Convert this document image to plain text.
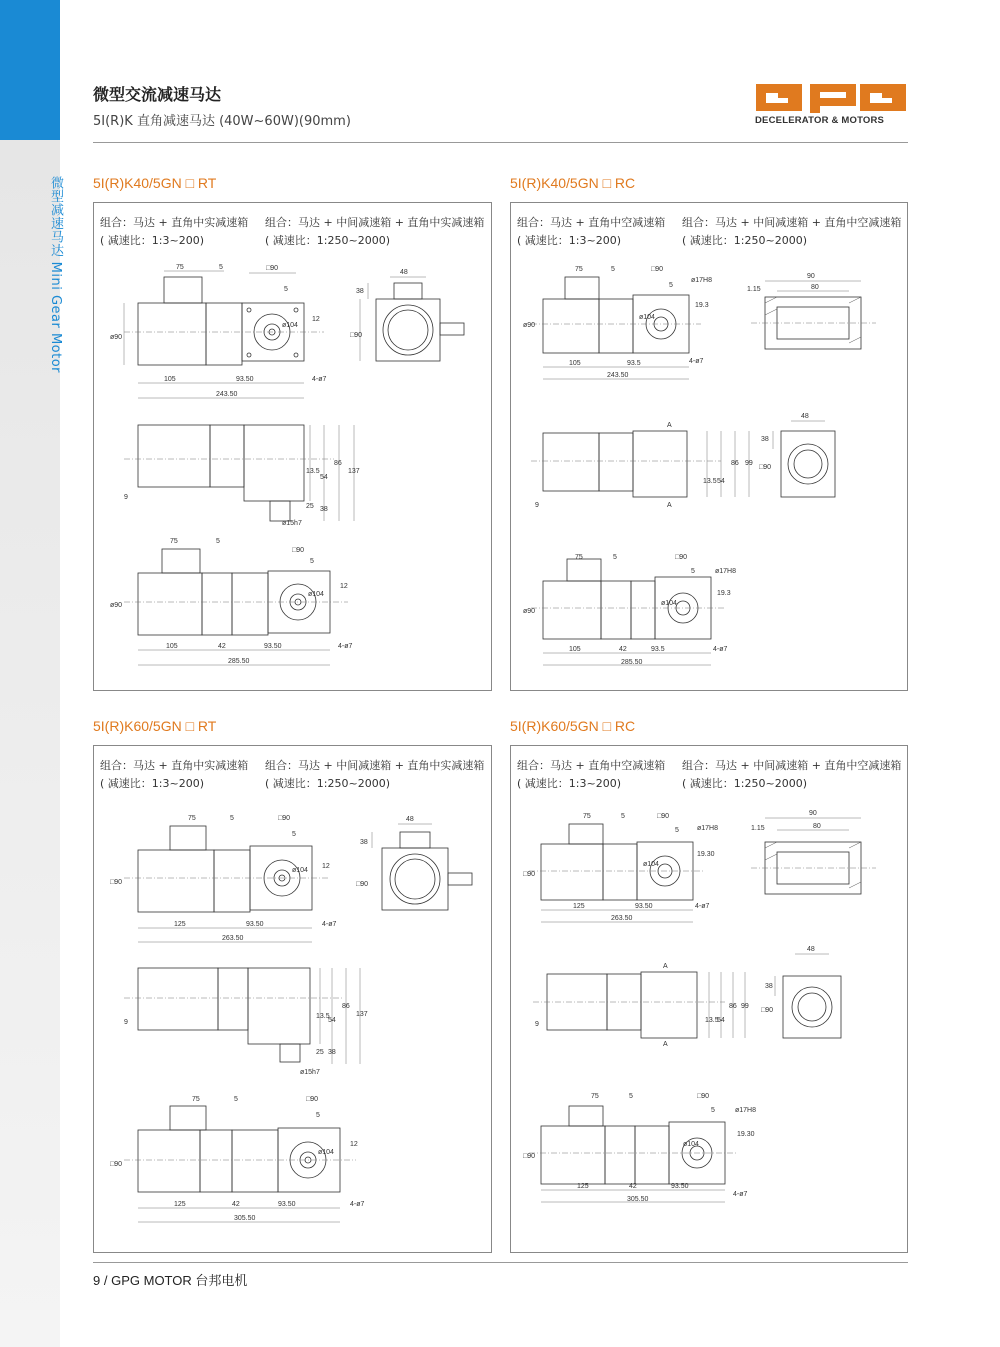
微型减速马达 Mini Gear Motor
微型交流减速马达
5I(R)K 直角减速马达 (40W~60W)(90mm)	DECELERATOR & MOTORS
5I(R)K40/5GN □ RT	5I(R)K40/5GN □ RC
5I(R)K60/5GN □ RT	5I(R)K60/5GN □ RC
组合：马达 + 直角中实减速箱
( 减速比：1:3~200)
组合：马达 + 中间减速箱 + 直角中实减速箱
( 减速比：1:250~2000)
75	5	□90
5
12
105	93.50
243.50
4-ø7
ø90
ø104
48
38
□90
13.5
54
86
137
25 38
9
ø15h7
75	5
□90
5
12
105	42	93.50
285.50
4-ø7
ø90
ø104
组合：马达 + 直角中空减速箱
( 减速比：1:3~200)
组合：马达 + 中间减速箱 + 直角中空减速箱
( 减速比：1:250~2000)
75	5	□90
ø17H8
5
19.3
105	93.5
243.50
4-ø7
ø90
ø104
90
80
1.15
13.5 54
86 99
9
A
A
48
38
□90
75	5	□90
5	ø17H8
19.3
105	42	93.5
285.50
4-ø7
ø90
ø104
组合：马达 + 直角中实减速箱
( 减速比：1:3~200)
组合：马达 + 中间减速箱 + 直角中实减速箱
( 减速比：1:250~2000)
75	5	□90
5
12
125	93.50
263.50
4-ø7
□90
ø104
48
38
□90
13.5
54
86
137
25 38
9
ø15h7
75	5	□90
5
12
125	42	93.50
305.50
4-ø7
□90
ø104
组合：马达 + 直角中空减速箱
( 减速比：1:3~200)
组合：马达 + 中间减速箱 + 直角中空减速箱
( 减速比：1:250~2000)
75	5	□90
ø17H8
5
19.30
125	93.50
263.50
4-ø7
□90
ø104
90
80
1.15
13.5
54
86 99
9
A
A
48
38
□90
75	5	□90
5	ø17H8
19.30
125	42	93.50
305.50
4-ø7
□90
ø104
9 / GPG MOTOR 台邦电机
